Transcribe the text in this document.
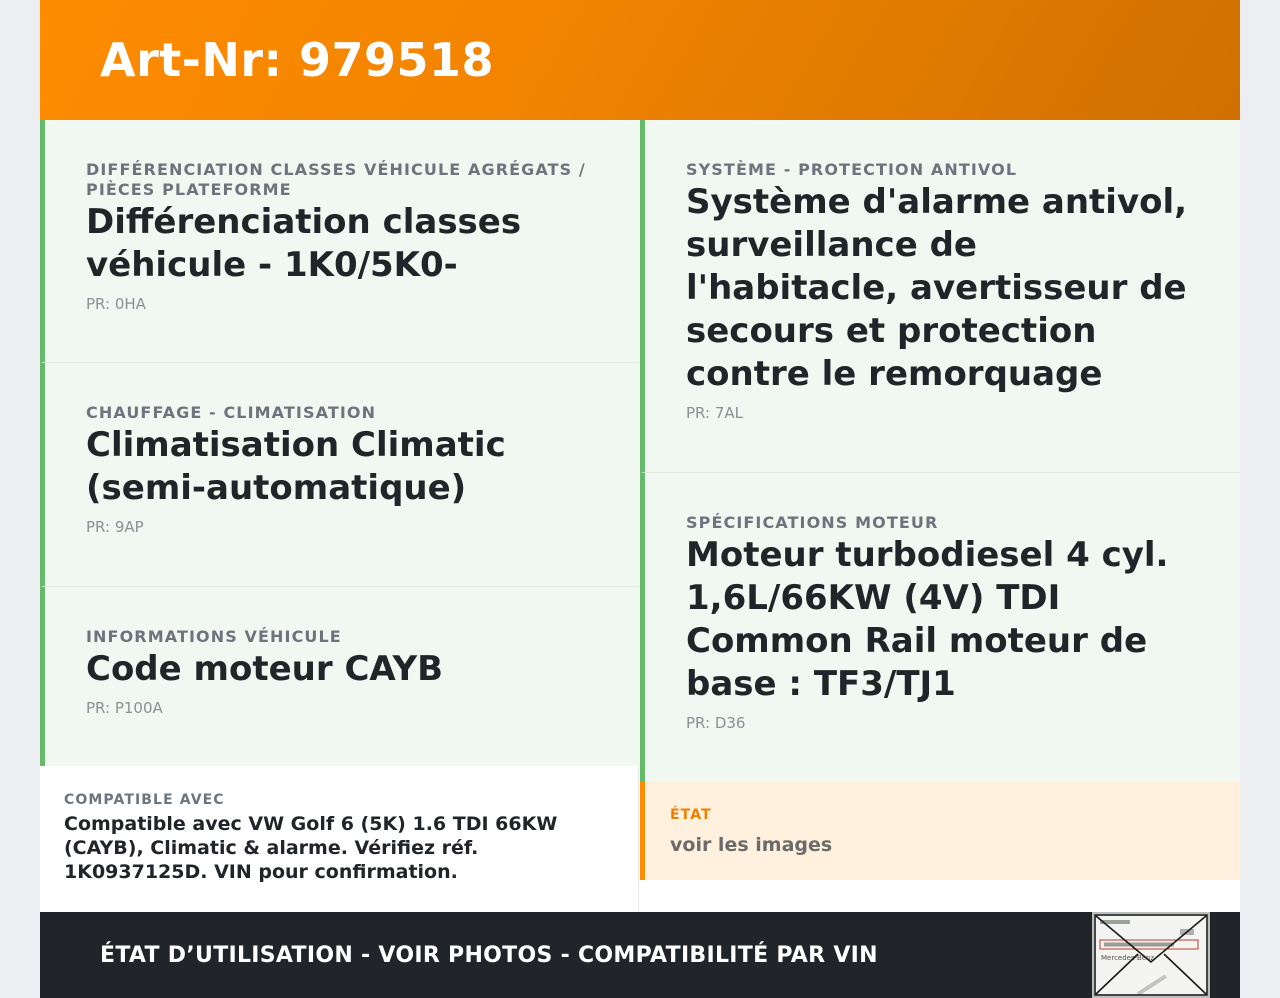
Art-Nr: 979518
DIFFÉRENCIATION CLASSES VÉHICULE AGRÉGATS / PIÈCES PLATEFORME
Différenciation classes véhicule - 1K0/5K0-
PR: 0HA
CHAUFFAGE - CLIMATISATION
Climatisation Climatic (semi-automatique)
PR: 9AP
INFORMATIONS VÉHICULE
Code moteur CAYB
PR: P100A
SYSTÈME - PROTECTION ANTIVOL
Système d'alarme antivol, surveillance de l'habitacle, avertisseur de secours et protection contre le remorquage
PR: 7AL
SPÉCIFICATIONS MOTEUR
Moteur turbodiesel 4 cyl. 1,6L/66KW (4V) TDI Common Rail moteur de base : TF3/TJ1
PR: D36
COMPATIBLE AVEC
Compatible avec VW Golf 6 (5K) 1.6 TDI 66KW (CAYB), Climatic & alarme. Vérifiez réf. 1K0937125D. VIN pour confirmation.
ÉTAT
voir les images
ÉTAT D’UTILISATION - VOIR PHOTOS - COMPATIBILITÉ PAR VIN	Mercedes-Benz
